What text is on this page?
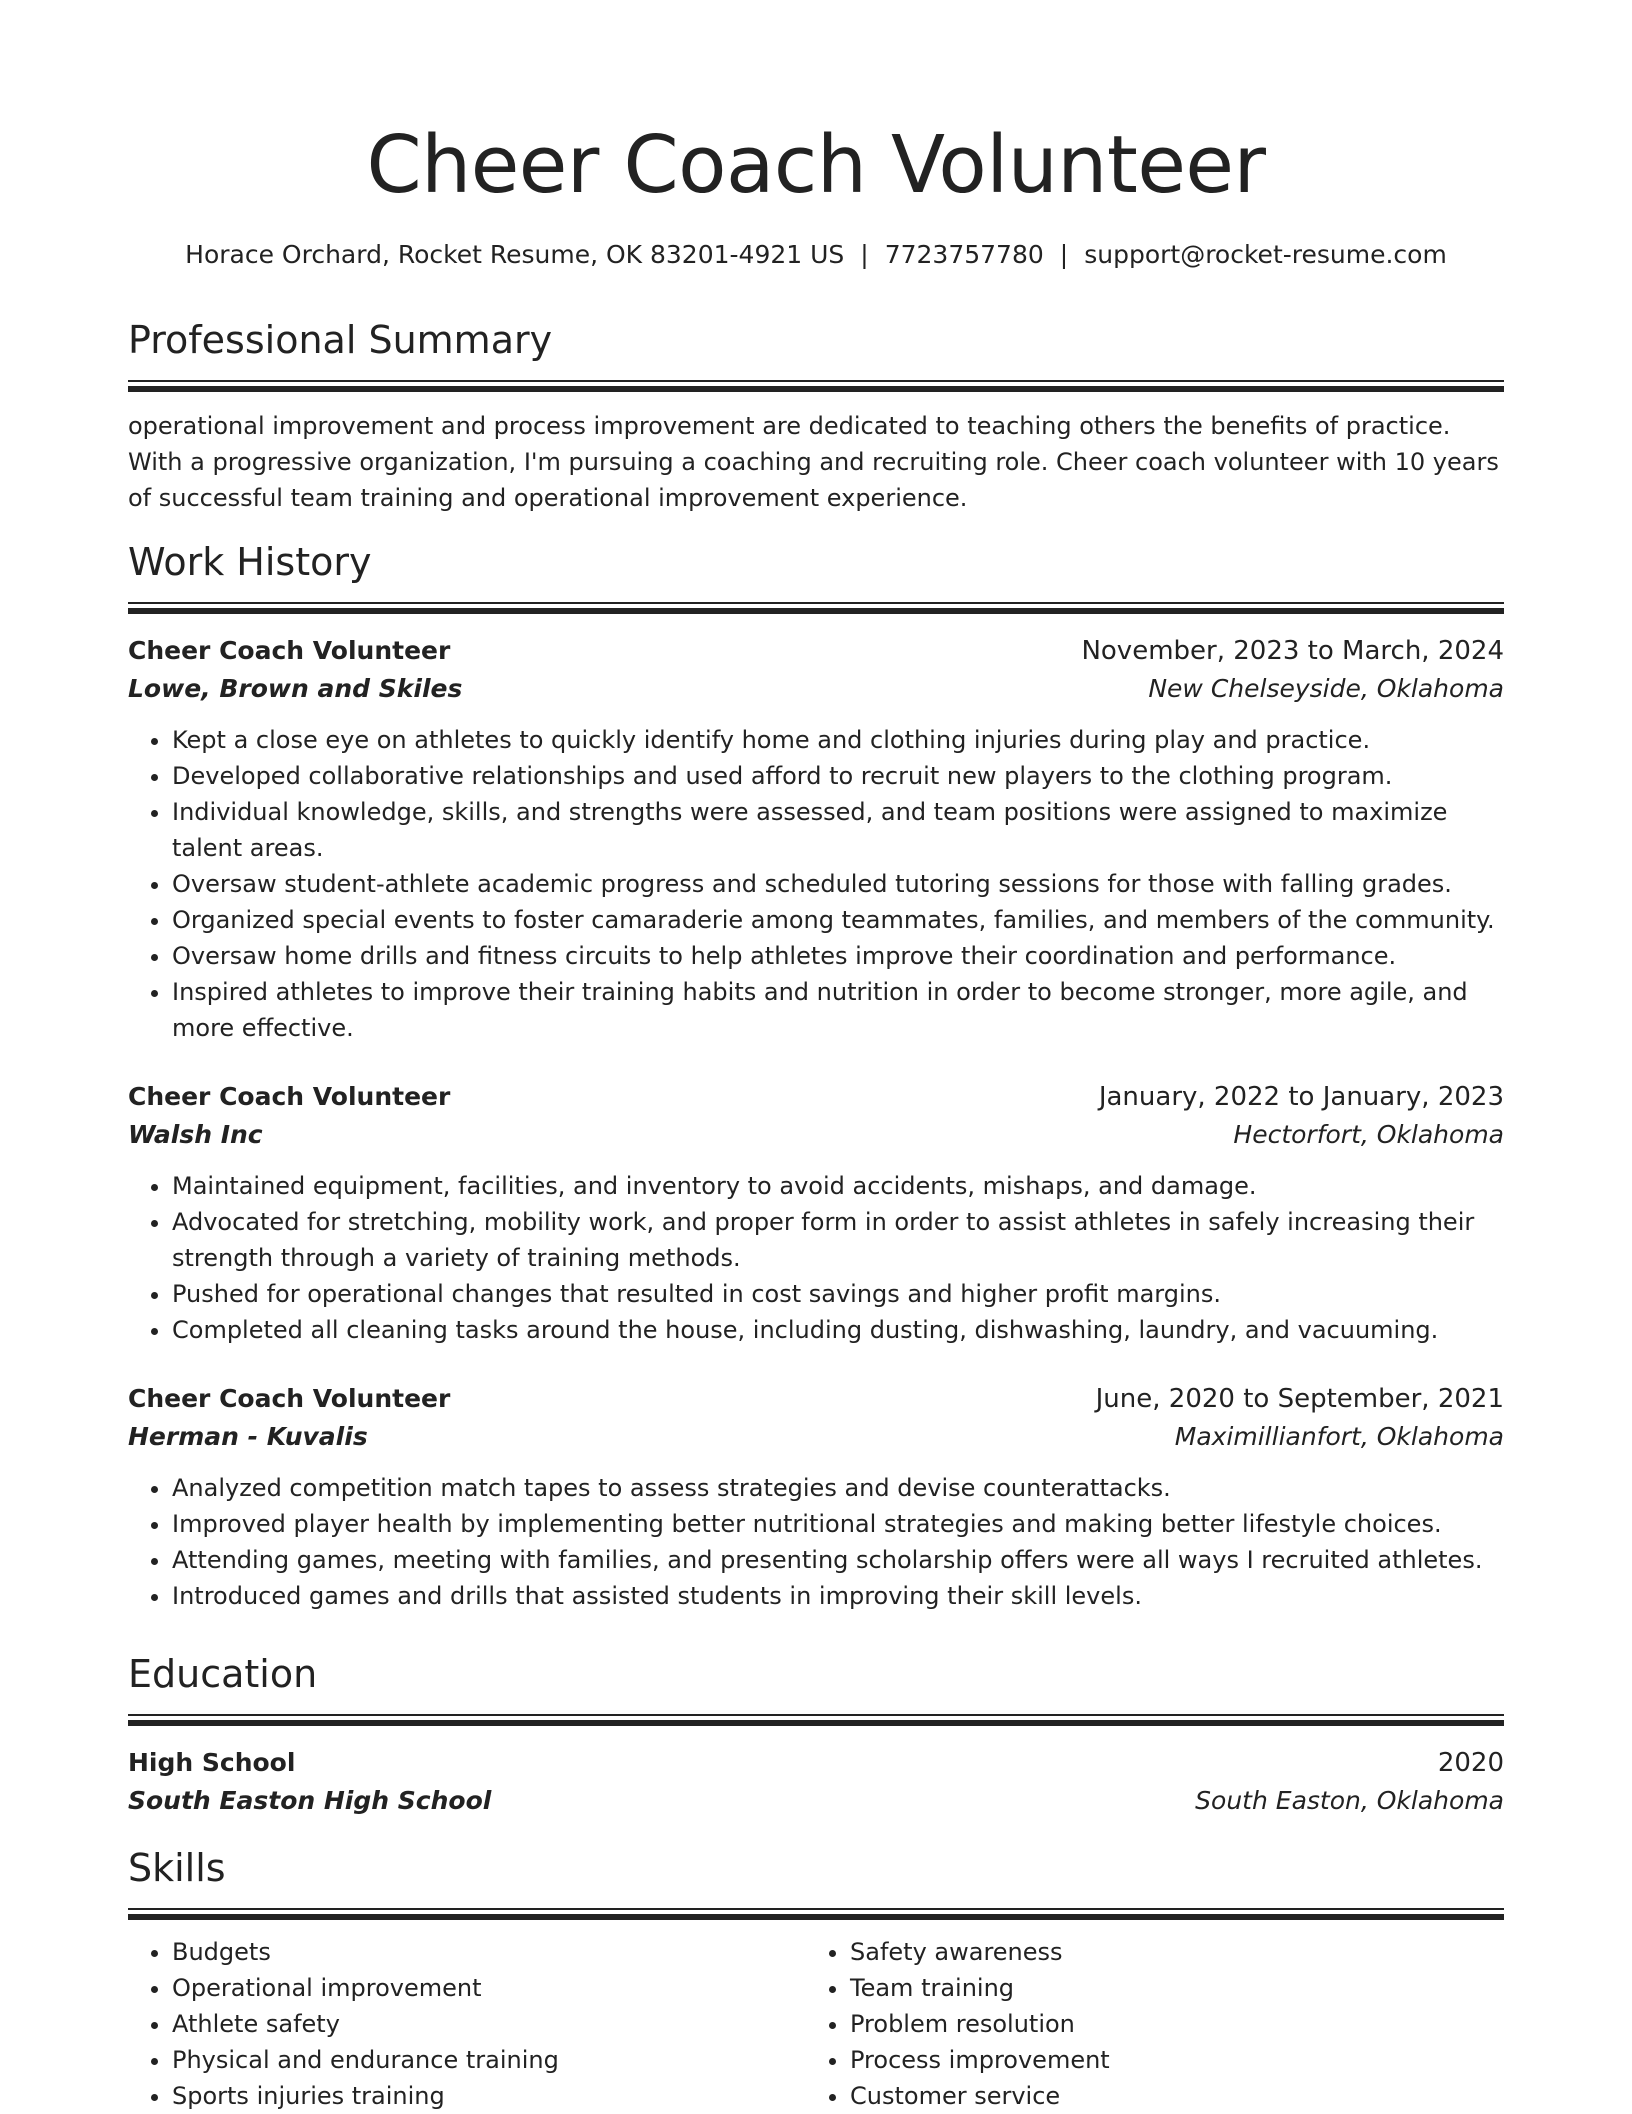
Cheer Coach Volunteer
Horace Orchard, Rocket Resume, OK 83201-4921 US | 7723757780 | support@rocket-resume.com
Professional Summary
operational improvement and process improvement are dedicated to teaching others the benefits of practice. With a progressive organization, I'm pursuing a coaching and recruiting role. Cheer coach volunteer with 10 years of successful team training and operational improvement experience.
Work History
Cheer Coach Volunteer	November, 2023 to March, 2024
Lowe, Brown and Skiles	New Chelseyside, Oklahoma
• Kept a close eye on athletes to quickly identify home and clothing injuries during play and practice.
• Developed collaborative relationships and used afford to recruit new players to the clothing program.
• Individual knowledge, skills, and strengths were assessed, and team positions were assigned to maximize talent areas.
• Oversaw student-athlete academic progress and scheduled tutoring sessions for those with falling grades.
• Organized special events to foster camaraderie among teammates, families, and members of the community.
• Oversaw home drills and fitness circuits to help athletes improve their coordination and performance.
• Inspired athletes to improve their training habits and nutrition in order to become stronger, more agile, and more effective.
Cheer Coach Volunteer	January, 2022 to January, 2023
Walsh Inc	Hectorfort, Oklahoma
• Maintained equipment, facilities, and inventory to avoid accidents, mishaps, and damage.
• Advocated for stretching, mobility work, and proper form in order to assist athletes in safely increasing their strength through a variety of training methods.
• Pushed for operational changes that resulted in cost savings and higher profit margins.
• Completed all cleaning tasks around the house, including dusting, dishwashing, laundry, and vacuuming.
Cheer Coach Volunteer	June, 2020 to September, 2021
Herman - Kuvalis	Maximillianfort, Oklahoma
• Analyzed competition match tapes to assess strategies and devise counterattacks.
• Improved player health by implementing better nutritional strategies and making better lifestyle choices.
• Attending games, meeting with families, and presenting scholarship offers were all ways I recruited athletes.
• Introduced games and drills that assisted students in improving their skill levels.
Education
High School	2020
South Easton High School	South Easton, Oklahoma
Skills
• Budgets
• Operational improvement
• Athlete safety
• Physical and endurance training
• Sports injuries training
• Safety awareness
• Team training
• Problem resolution
• Process improvement
• Customer service
